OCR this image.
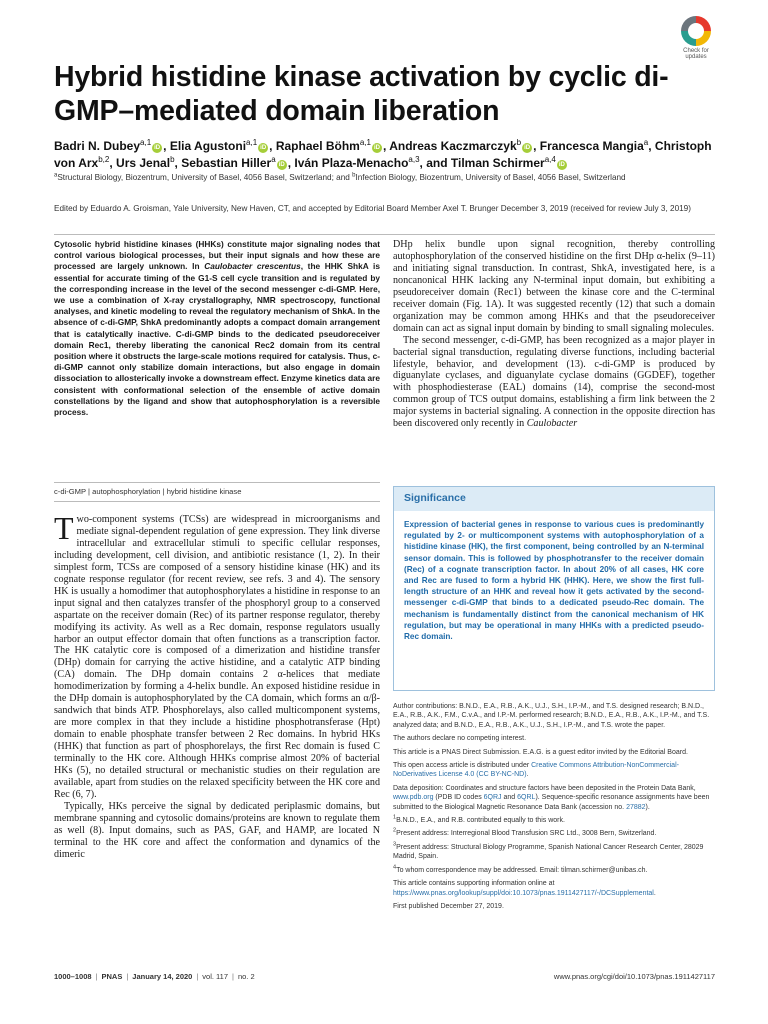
Check for updates
Hybrid histidine kinase activation by cyclic di-GMP–mediated domain liberation
Badri N. Dubey$^{a,1}$iD , Elia Agustoni$^{a,1}$iD , Raphael Böhm$^{a,1}$iD , Andreas Kaczmarczyk$^b$iD , Francesca Mangia$^a$, Christoph von Arx$^{b,2}$, Urs Jenal$^b$, Sebastian Hiller$^a$iD , Iván Plaza-Menacho$^{a,3}$, and Tilman Schirmer$^{a,4}$iD
$^a$Structural Biology, Biozentrum, University of Basel, 4056 Basel, Switzerland; and $^b$Infection Biology, Biozentrum, University of Basel, 4056 Basel, Switzerland
Edited by Eduardo A. Groisman, Yale University, New Haven, CT, and accepted by Editorial Board Member Axel T. Brunger December 3, 2019 (received for review July 3, 2019)
Cytosolic hybrid histidine kinases (HHKs) constitute major signaling nodes that control various biological processes, but their input signals and how these are processed are largely unknown. In Caulobacter crescentus, the HHK ShkA is essential for accurate timing of the G1-S cell cycle transition and is regulated by the corresponding increase in the level of the second messenger c-di-GMP. Here, we use a combination of X-ray crystallography, NMR spectroscopy, functional analyses, and kinetic modeling to reveal the regulatory mechanism of ShkA. In the absence of c-di-GMP, ShkA predominantly adopts a compact domain arrangement that is catalytically inactive. C-di-GMP binds to the dedicated pseudoreceiver domain Rec1, thereby liberating the canonical Rec2 domain from its central position where it obstructs the large-scale motions required for catalysis. Thus, c-di-GMP cannot only stabilize domain interactions, but also engage in domain dissociation to allosterically invoke a downstream effect. Enzyme kinetics data are consistent with conformational selection of the ensemble of active domain constellations by the ligand and show that autophosphorylation is a reversible process.
c-di-GMP | autophosphorylation | hybrid histidine kinase

Two-component systems (TCSs) are widespread in microorganisms and mediate signal-dependent regulation of gene expression. They link diverse intracellular and extracellular stimuli to specific cellular responses, including development, cell division, and antibiotic resistance (1, 2). In their simplest form, TCSs are composed of a sensory histidine kinase (HK) and its cognate response regulator (for recent review, see refs. 3 and 4). The sensory HK is usually a homodimer that autophosphorylates a histidine in response to an input signal and then catalyzes transfer of the phosphoryl group to a conserved aspartate on the receiver domain (Rec) of its partner response regulator, thereby modifying its activity. As well as a Rec domain, response regulators usually harbor an output effector domain that often functions as a transcription factor. The HK catalytic core is composed of a dimerization and histidine transfer (DHp) domain for carrying the active histidine, and a catalytic ATP binding (CA) domain. The DHp domain contains 2 α-helices that mediate homodimerization by forming a 4-helix bundle. An exposed histidine residue in the DHp domain is autophosphorylated by the CA domain, which forms an α/β-sandwich that binds ATP. Phosphorelays, also called multicomponent systems, are more complex in that they include a histidine phosphotransferase (Hpt) domain to enable phosphate transfer between 2 Rec domains. In hybrid HKs (HHK) that function as part of phosphorelays, the first Rec domain is fused C terminally to the HK core. Although HHKs comprise almost 20% of bacterial HKs (5), no detailed structural or mechanistic studies on their regulation are available, apart from studies on the relaxed specificity between the HK core and Rec (6, 7).

Typically, HKs perceive the signal by dedicated periplasmic domains, but membrane spanning and cytosolic domains/proteins are known to regulate them as well (8). Input domains, such as PAS, GAF, and HAMP, are located N terminal to the HK core and affect the conformation and dynamics of the dimeric

DHp helix bundle upon signal recognition, thereby controlling autophosphorylation of the conserved histidine on the first DHp α-helix (9–11) and initiating signal transduction. In contrast, ShkA, investigated here, is a noncanonical HHK lacking any N-terminal input domain, but exhibiting a pseudoreceiver domain (Rec1) between the kinase core and the C-terminal receiver domain (Fig. 1A). It was suggested recently (12) that such a domain organization may be common among HHKs and that the pseudoreceiver domain can act as signal input domain by binding to small signaling molecules.

The second messenger, c-di-GMP, has been recognized as a major player in bacterial signal transduction, regulating diverse functions, including bacterial lifestyle, behavior, and development (13). c-di-GMP is produced by diguanylate cyclases, and diguanylate cyclase domains (GGDEF), together with phosphodiesterase (EAL) domains (14), comprise the second-most common group of TCS output domains, establishing a firm link between the 2 major systems in bacterial signaling. A connection in the opposite direction has been discovered only recently in Caulobacter

Significance
Expression of bacterial genes in response to various cues is predominantly regulated by 2- or multicomponent systems with autophosphorylation of a histidine kinase (HK), the first component, being controlled by an N-terminal sensor domain. This is followed by phosphotransfer to the receiver domain (Rec) of a cognate transcription factor. In about 20% of all cases, HK core and Rec are fused to form a hybrid HK (HHK). Here, we show the first full-length structure of an HHK and reveal how it gets activated by the second-messenger c-di-GMP that binds to a dedicated pseudo-Rec domain. The mechanism is fundamentally distinct from the canonical mechanism of HK regulation, but may be operational in many HHKs with a predicted pseudo-Rec domain.

Author contributions: B.N.D., E.A., R.B., A.K., U.J., S.H., I.P.-M., and T.S. designed research; B.N.D., E.A., R.B., A.K., F.M., C.v.A., and I.P.-M. performed research; B.N.D., E.A., R.B., A.K., I.P.-M., and T.S. analyzed data; and B.N.D., E.A., R.B., A.K., U.J., S.H., I.P.-M., and T.S. wrote the paper.

The authors declare no competing interest.

This article is a PNAS Direct Submission. E.A.G. is a guest editor invited by the Editorial Board.

This open access article is distributed under Creative Commons Attribution-NonCommercial-NoDerivatives License 4.0 (CC BY-NC-ND).

Data deposition: Coordinates and structure factors have been deposited in the Protein Data Bank, www.pdb.org (PDB ID codes 6QRJ and 6QRL). Sequence-specific resonance assignments have been submitted to the Biological Magnetic Resonance Data Bank (accession no. 27882).

$^1$B.N.D., E.A., and R.B. contributed equally to this work.

$^2$Present address: Interregional Blood Transfusion SRC Ltd., 3008 Bern, Switzerland.

$^3$Present address: Structural Biology Programme, Spanish National Cancer Research Center, 28029 Madrid, Spain.

$^4$To whom correspondence may be addressed. Email: tilman.schirmer@unibas.ch.

This article contains supporting information online at https://www.pnas.org/lookup/suppl/doi:10.1073/pnas.1911427117/-/DCSupplemental.

First published December 27, 2019.

1000–1008 | PNAS | January 14, 2020 | vol. 117 | no. 2	www.pnas.org/cgi/doi/10.1073/pnas.1911427117
